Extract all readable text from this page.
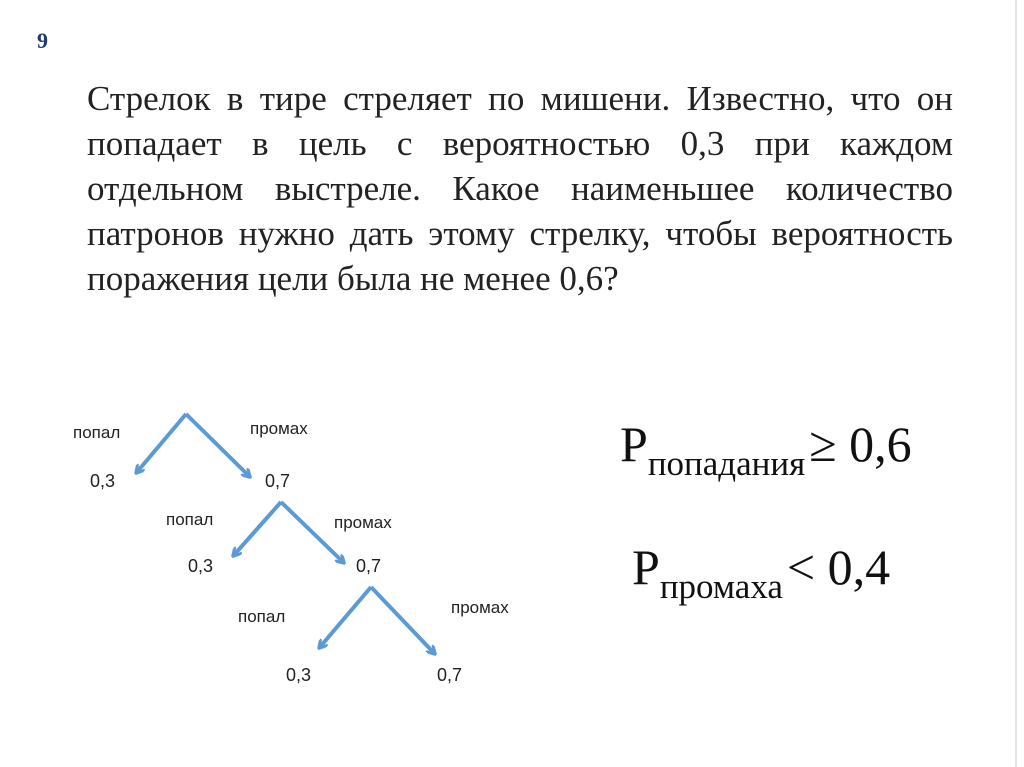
9
Стрелок в тире стреляет по мишени. Известно, что он попадает в цель с вероятностью 0,3 при каждом отдельном выстреле. Какое наименьшее количество патронов нужно дать этому стрелку, чтобы вероятность поражения цели была не менее 0,6?
попал	промах
0,3	0,7
попал	промах
0,3	0,7
попал	промах
0,3	0,7
Pпопадания≥ 0,6
Pпромаха< 0,4
